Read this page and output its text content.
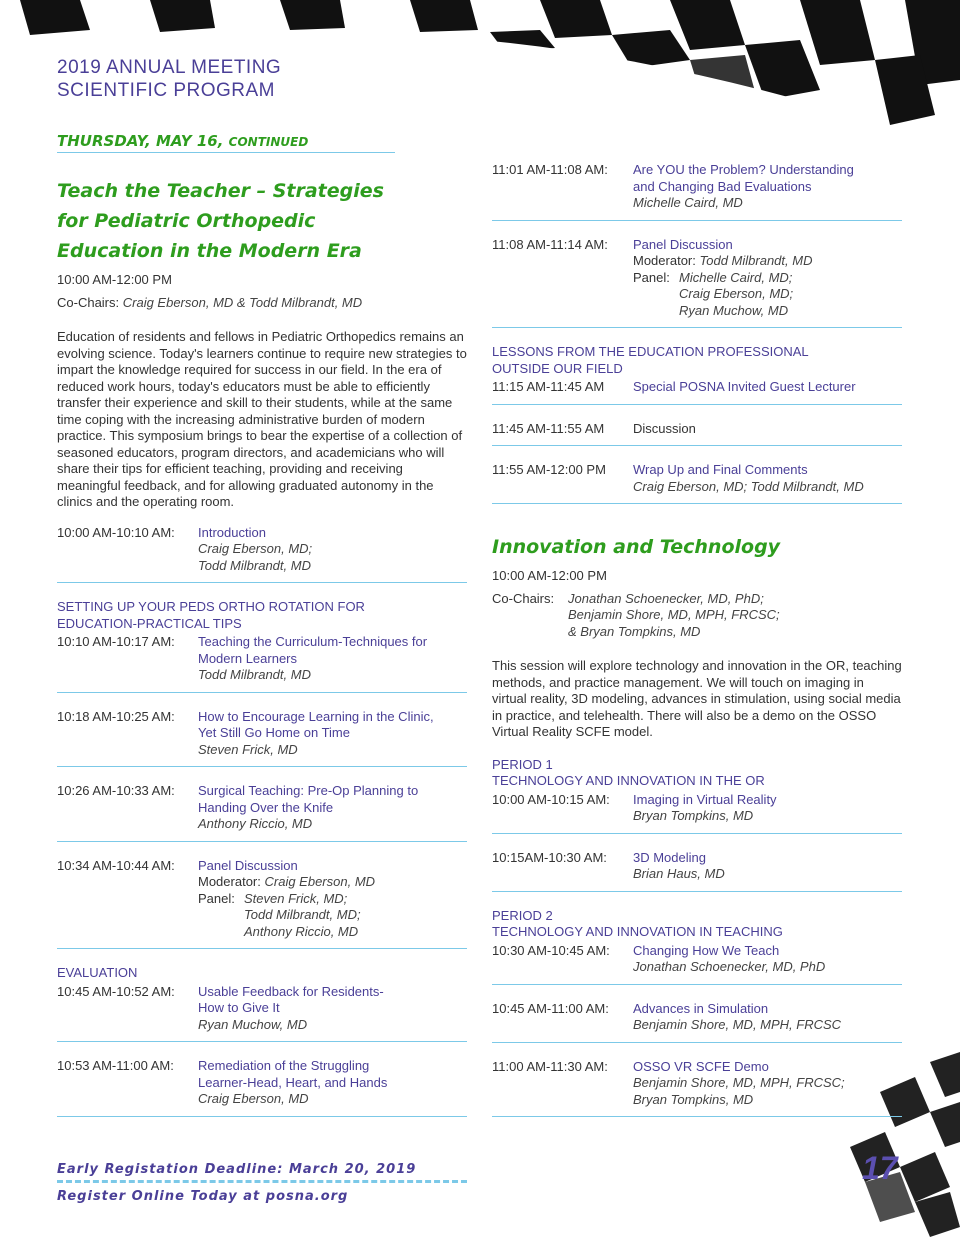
2019 ANNUAL MEETING
SCIENTIFIC PROGRAM
THURSDAY, MAY 16, CONTINUED
Teach the Teacher – Strategies
for Pediatric Orthopedic
Education in the Modern Era

10:00 AM-12:00 PM

Co-Chairs: Craig Eberson, MD & Todd Milbrandt, MD

Education of residents and fellows in Pediatric Orthopedics remains an evolving science. Today's learners continue to require new strategies to impart the knowledge required for success in our field. In the era of reduced work hours, today's educators must be able to efficiently transfer their experience and skill to their students, while at the same time coping with the increasing administrative burden of modern practice. This symposium brings to bear the expertise of a collection of seasoned educators, program directors, and academicians who will share their tips for efficient teaching, providing and receiving meaningful feedback, and for allowing graduated autonomy in the clinics and the operating room.
10:00 AM-10:10 AM:	Introduction
Craig Eberson, MD;
Todd Milbrandt, MD
SETTING UP YOUR PEDS ORTHO ROTATION FOR
EDUCATION-PRACTICAL TIPS
10:10 AM-10:17 AM:	Teaching the Curriculum-Techniques for
Modern Learners
Todd Milbrandt, MD
10:18 AM-10:25 AM:	How to Encourage Learning in the Clinic,
Yet Still Go Home on Time
Steven Frick, MD
10:26 AM-10:33 AM:	Surgical Teaching: Pre-Op Planning to
Handing Over the Knife
Anthony Riccio, MD
10:34 AM-10:44 AM:	Panel Discussion
Moderator: Craig Eberson, MD
Panel: Steven Frick, MD;
Todd Milbrandt, MD;
Anthony Riccio, MD
EVALUATION
10:45 AM-10:52 AM:	Usable Feedback for Residents-
How to Give It
Ryan Muchow, MD
10:53 AM-11:00 AM:	Remediation of the Struggling
Learner-Head, Heart, and Hands
Craig Eberson, MD
11:01 AM-11:08 AM:	Are YOU the Problem? Understanding
and Changing Bad Evaluations
Michelle Caird, MD
11:08 AM-11:14 AM:	Panel Discussion
Moderator: Todd Milbrandt, MD
Panel: Michelle Caird, MD;
Craig Eberson, MD;
Ryan Muchow, MD
LESSONS FROM THE EDUCATION PROFESSIONAL
OUTSIDE OUR FIELD
11:15 AM-11:45 AM	Special POSNA Invited Guest Lecturer
11:45 AM-11:55 AM	Discussion
11:55 AM-12:00 PM	Wrap Up and Final Comments
Craig Eberson, MD; Todd Milbrandt, MD
Innovation and Technology

10:00 AM-12:00 PM

Co-Chairs:	Jonathan Schoenecker, MD, PhD;
Benjamin Shore, MD, MPH, FRCSC;
& Bryan Tompkins, MD
This session will explore technology and innovation in the OR, teaching methods, and practice management. We will touch on imaging in virtual reality, 3D modeling, advances in stimulation, using social media in practice, and telehealth. There will also be a demo on the OSSO Virtual Reality SCFE model.
PERIOD 1
TECHNOLOGY AND INNOVATION IN THE OR
10:00 AM-10:15 AM:	Imaging in Virtual Reality
Bryan Tompkins, MD
10:15AM-10:30 AM:	3D Modeling
Brian Haus, MD
PERIOD 2
TECHNOLOGY AND INNOVATION IN TEACHING
10:30 AM-10:45 AM:	Changing How We Teach
Jonathan Schoenecker, MD, PhD
10:45 AM-11:00 AM:	Advances in Simulation
Benjamin Shore, MD, MPH, FRCSC
11:00 AM-11:30 AM:	OSSO VR SCFE Demo
Benjamin Shore, MD, MPH, FRCSC;
Bryan Tompkins, MD
Early Registation Deadline: March 20, 2019
Register Online Today at posna.org
17
